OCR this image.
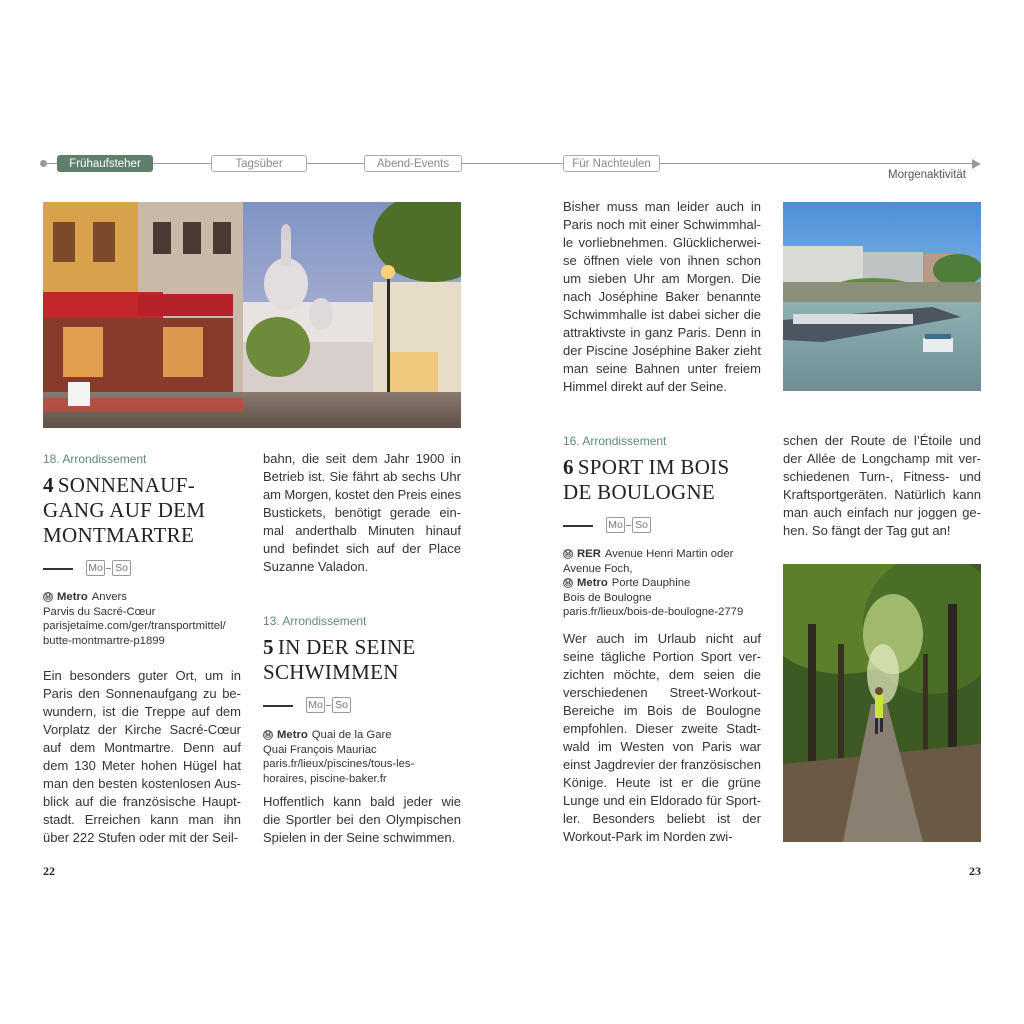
Frühaufsteher	Tagsüber	Abend-Events	Für Nachteulen
Morgenaktivität
18. Arrondissement
4 SONNENAUF-
GANG AUF DEM
MONTMARTRE
Mo So
Ⓜ Metro Anvers
Parvis du Sacré-Cœur
parisjetaime.com/ger/transportmittel/
butte-montmartre-p1899
Ein besonders guter Ort, um in
Paris den Sonnenaufgang zu be-
wundern, ist die Treppe auf dem
Vorplatz der Kirche Sacré-Cœur
auf dem Montmartre. Denn auf
dem 130 Meter hohen Hügel hat
man den besten kostenlosen Aus-
blick auf die französische Haupt-
stadt. Erreichen kann man ihn
über 222 Stufen oder mit der Seil-
bahn, die seit dem Jahr 1900 in
Betrieb ist. Sie fährt ab sechs Uhr
am Morgen, kostet den Preis eines
Bustickets, benötigt gerade ein-
mal anderthalb Minuten hinauf
und befindet sich auf der Place
Suzanne Valadon.
13. Arrondissement
5 IN DER SEINE
SCHWIMMEN
Mo So
Ⓜ Metro Quai de la Gare
Quai François Mauriac
paris.fr/lieux/piscines/tous-les-
horaires, piscine-baker.fr
Hoffentlich kann bald jeder wie
die Sportler bei den Olympischen
Spielen in der Seine schwimmen.
Bisher muss man leider auch in
Paris noch mit einer Schwimmhal-
le vorliebnehmen. Glücklicherwei-
se öffnen viele von ihnen schon
um sieben Uhr am Morgen. Die
nach Joséphine Baker benannte
Schwimmhalle ist dabei sicher die
attraktivste in ganz Paris. Denn in
der Piscine Joséphine Baker zieht
man seine Bahnen unter freiem
Himmel direkt auf der Seine.
16. Arrondissement
6 SPORT IM BOIS
DE BOULOGNE
Mo So
Ⓜ RER Avenue Henri Martin oder
Avenue Foch,
Ⓜ Metro Porte Dauphine
Bois de Boulogne
paris.fr/lieux/bois-de-boulogne-2779
Wer auch im Urlaub nicht auf
seine tägliche Portion Sport ver-
zichten möchte, dem seien die
verschiedenen Street-Workout-
Bereiche im Bois de Boulogne
empfohlen. Dieser zweite Stadt-
wald im Westen von Paris war
einst Jagdrevier der französischen
Könige. Heute ist er die grüne
Lunge und ein Eldorado für Sport-
ler. Besonders beliebt ist der
Workout-Park im Norden zwi-
schen der Route de l’Étoile und
der Allée de Longchamp mit ver-
schiedenen Turn-, Fitness- und
Kraftsportgeräten. Natürlich kann
man auch einfach nur joggen ge-
hen. So fängt der Tag gut an!
22	23
